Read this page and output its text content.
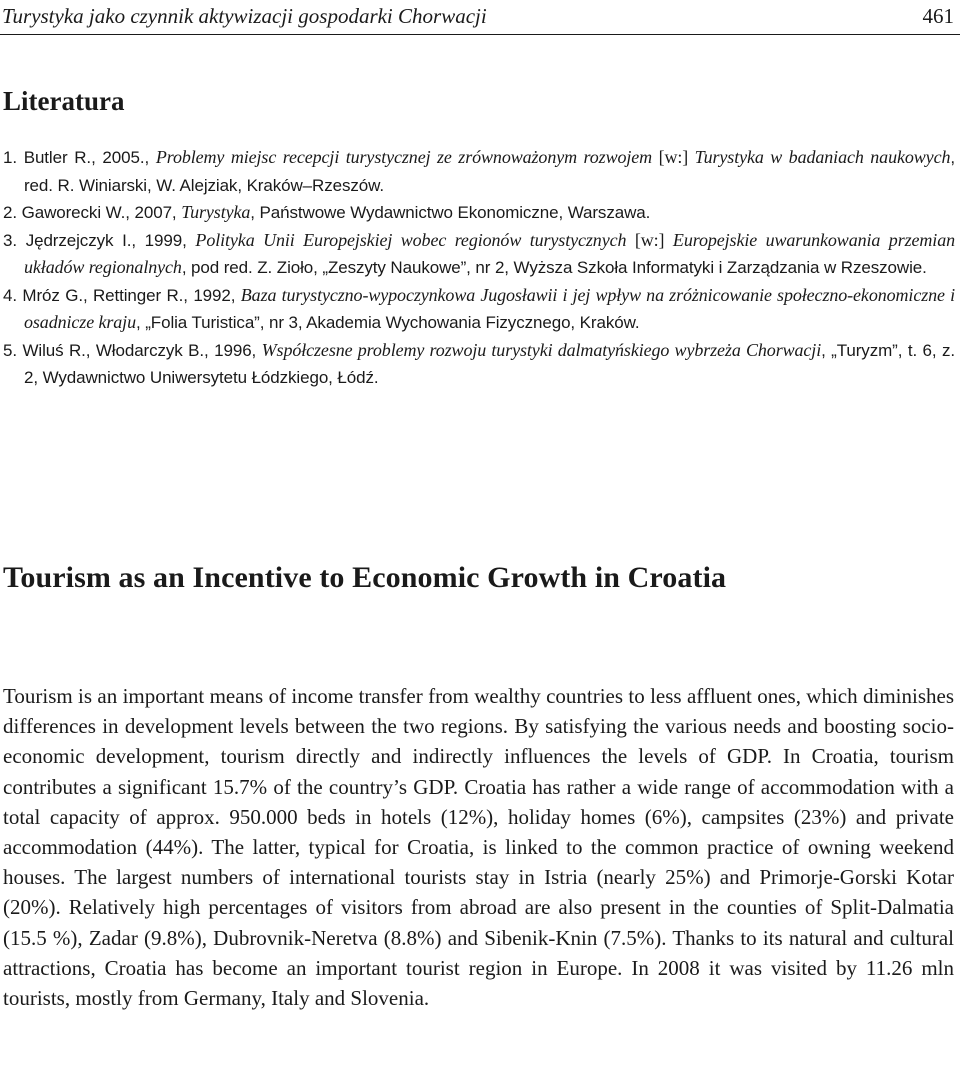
Turystyka jako czynnik aktywizacji gospodarki Chorwacji	461
Literatura
1. Butler R., 2005., Problemy miejsc recepcji turystycznej ze zrównoważonym rozwojem [w:] Turystyka w badaniach naukowych, red. R. Winiarski, W. Alejziak, Kraków–Rzeszów.
2. Gaworecki W., 2007, Turystyka, Państwowe Wydawnictwo Ekonomiczne, Warszawa.
3. Jędrzejczyk I., 1999, Polityka Unii Europejskiej wobec regionów turystycznych [w:] Europejskie uwarunkowania przemian układów regionalnych, pod red. Z. Zioło, „Zeszyty Naukowe”, nr 2, Wyższa Szkoła Informatyki i Zarządzania w Rzeszowie.
4. Mróz G., Rettinger R., 1992, Baza turystyczno-wypoczynkowa Jugosławii i jej wpływ na zróżnicowanie społeczno-ekonomiczne i osadnicze kraju, „Folia Turistica”, nr 3, Akademia Wychowania Fizycznego, Kraków.
5. Wiluś R., Włodarczyk B., 1996, Współczesne problemy rozwoju turystyki dalmatyńskiego wybrzeża Chorwacji, „Turyzm”, t. 6, z. 2, Wydawnictwo Uniwersytetu Łódzkiego, Łódź.
Tourism as an Incentive to Economic Growth in Croatia

Tourism is an important means of income transfer from wealthy countries to less affluent ones, which diminishes differences in development levels between the two regions. By satisfying the various needs and boosting socio-economic development, tourism directly and indirectly influences the levels of GDP. In Croatia, tourism contributes a significant 15.7% of the country’s GDP. Croatia has rather a wide range of accommodation with a total capacity of approx. 950.000 beds in hotels (12%), holiday homes (6%), campsites (23%) and private accommodation (44%). The latter, typical for Croatia, is linked to the common practice of owning weekend houses. The largest numbers of international tourists stay in Istria (nearly 25%) and Primorje-Gorski Kotar (20%). Relatively high percentages of visitors from abroad are also present in the counties of Split-Dalmatia (15.5 %), Zadar (9.8%), Dubrovnik-Neretva (8.8%) and Sibenik-Knin (7.5%). Thanks to its natural and cultural attractions, Croatia has become an important tourist region in Europe. In 2008 it was visited by 11.26 mln tourists, mostly from Germany, Italy and Slovenia.
